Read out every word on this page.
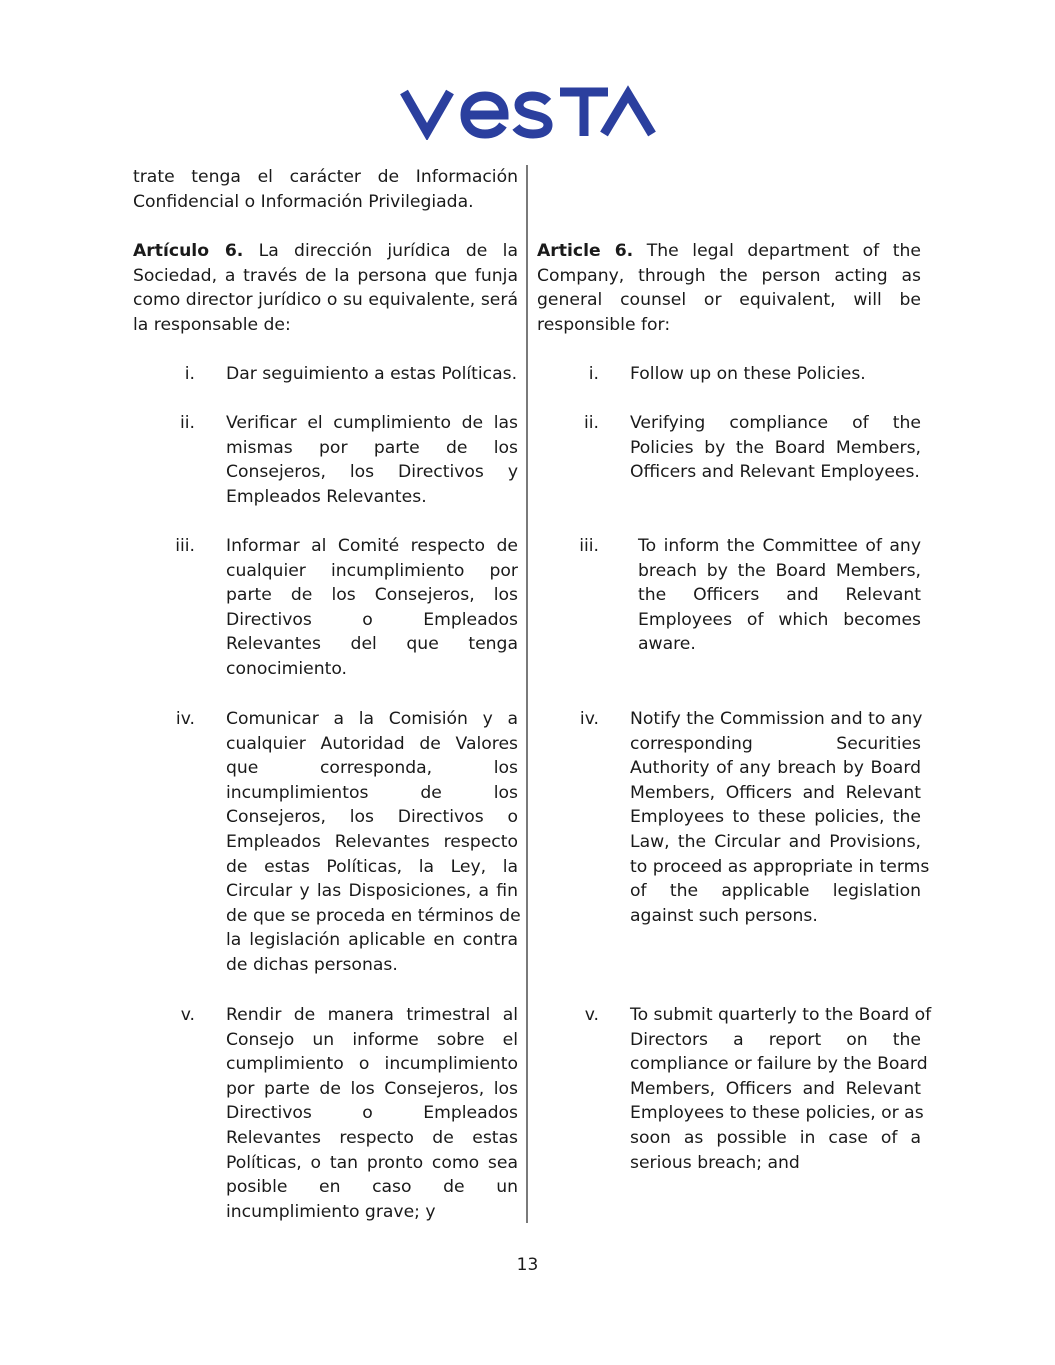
trate tenga el carácter de Información
Confidencial o Información Privilegiada.
Artículo 6. La dirección jurídica de la
Sociedad, a través de la persona que funja
como director jurídico o su equivalente, será
la responsable de:
i. Dar seguimiento a estas Políticas.
ii. Verificar el cumplimiento de las
mismas por parte de los
Consejeros, los Directivos y
Empleados Relevantes.
iii. Informar al Comité respecto de
cualquier incumplimiento por
parte de los Consejeros, los
Directivos o Empleados
Relevantes del que tenga
conocimiento.
iv. Comunicar a la Comisión y a
cualquier Autoridad de Valores
que corresponda, los
incumplimientos de los
Consejeros, los Directivos o
Empleados Relevantes respecto
de estas Políticas, la Ley, la
Circular y las Disposiciones, a fin
de que se proceda en términos de
la legislación aplicable en contra
de dichas personas.
v. Rendir de manera trimestral al
Consejo un informe sobre el
cumplimiento o incumplimiento
por parte de los Consejeros, los
Directivos o Empleados
Relevantes respecto de estas
Políticas, o tan pronto como sea
posible en caso de un
incumplimiento grave; y
Article 6. The legal department of the
Company, through the person acting as
general counsel or equivalent, will be
responsible for:
i. Follow up on these Policies.
ii. Verifying compliance of the
Policies by the Board Members,
Officers and Relevant Employees.
iii. To inform the Committee of any
breach by the Board Members,
the Officers and Relevant
Employees of which becomes
aware.
iv. Notify the Commission and to any
corresponding Securities
Authority of any breach by Board
Members, Officers and Relevant
Employees to these policies, the
Law, the Circular and Provisions,
to proceed as appropriate in terms
of the applicable legislation
against such persons.
v. To submit quarterly to the Board of
Directors a report on the
compliance or failure by the Board
Members, Officers and Relevant
Employees to these policies, or as
soon as possible in case of a
serious breach; and
13
